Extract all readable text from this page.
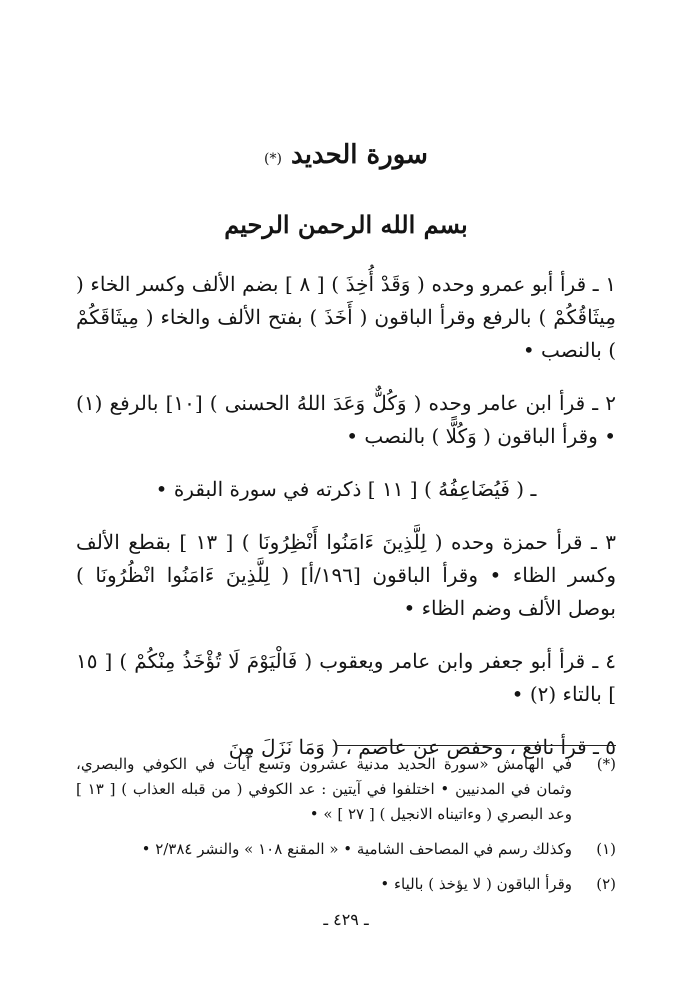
سورة الحديد (*)
بسم الله الرحمن الرحيم

١ ـ قرأ أبو عمرو وحده ( وَقَدْ أُخِذَ ) [ ٨ ] بضم الألف وكسر الخاء ( مِيثَاقُكُمْ ) بالرفع وقرأ الباقون ( أَخَذَ ) بفتح الألف والخاء ( مِيثَاقَكُمْ ) بالنصب •

٢ ـ قرأ ابن عامر وحده ( وَكُلٌّ وَعَدَ اللهُ الحسنى ) [١٠] بالرفع (١) • وقرأ الباقون ( وَكُلًّا ) بالنصب •

ـ ( فَيُضَاعِفُهُ ) [ ١١ ] ذكرته في سورة البقرة •

٣ ـ قرأ حمزة وحده ( لِلَّذِينَ ءَامَنُوا أَنْظِرُونَا ) [ ١٣ ] بقطع الألف وكسر الظاء • وقرأ الباقون [١٩٦/أ] ( لِلَّذِينَ ءَامَنُوا انْظُرُونَا ) بوصل الألف وضم الظاء •

٤ ـ قرأ أبو جعفر وابن عامر ويعقوب ( فَالْيَوْمَ لَا تُؤْخَذُ مِنْكُمْ ) [ ١٥ ] بالتاء (٢) •

٥ ـ قرأ نافع ، وحفص عن عاصم ، ( وَمَا نَزَلَ مِنَ

(*)
في الهامش «سورة الحديد مدنية عشرون وتسع آيات في الكوفي والبصري، وثمان في المدنيين • اختلفوا في آيتين : عد الكوفي ( من قبله العذاب ) [ ١٣ ] وعد البصري ( وءاتيناه الانجيل ) [ ٢٧ ] » •
(١)
وكذلك رسم في المصاحف الشامية • « المقنع ١٠٨ » والنشر ٢/٣٨٤ •
(٢)
وقرأ الباقون ( لا يؤخذ ) بالياء •
ـ ٤٢٩ ـ
